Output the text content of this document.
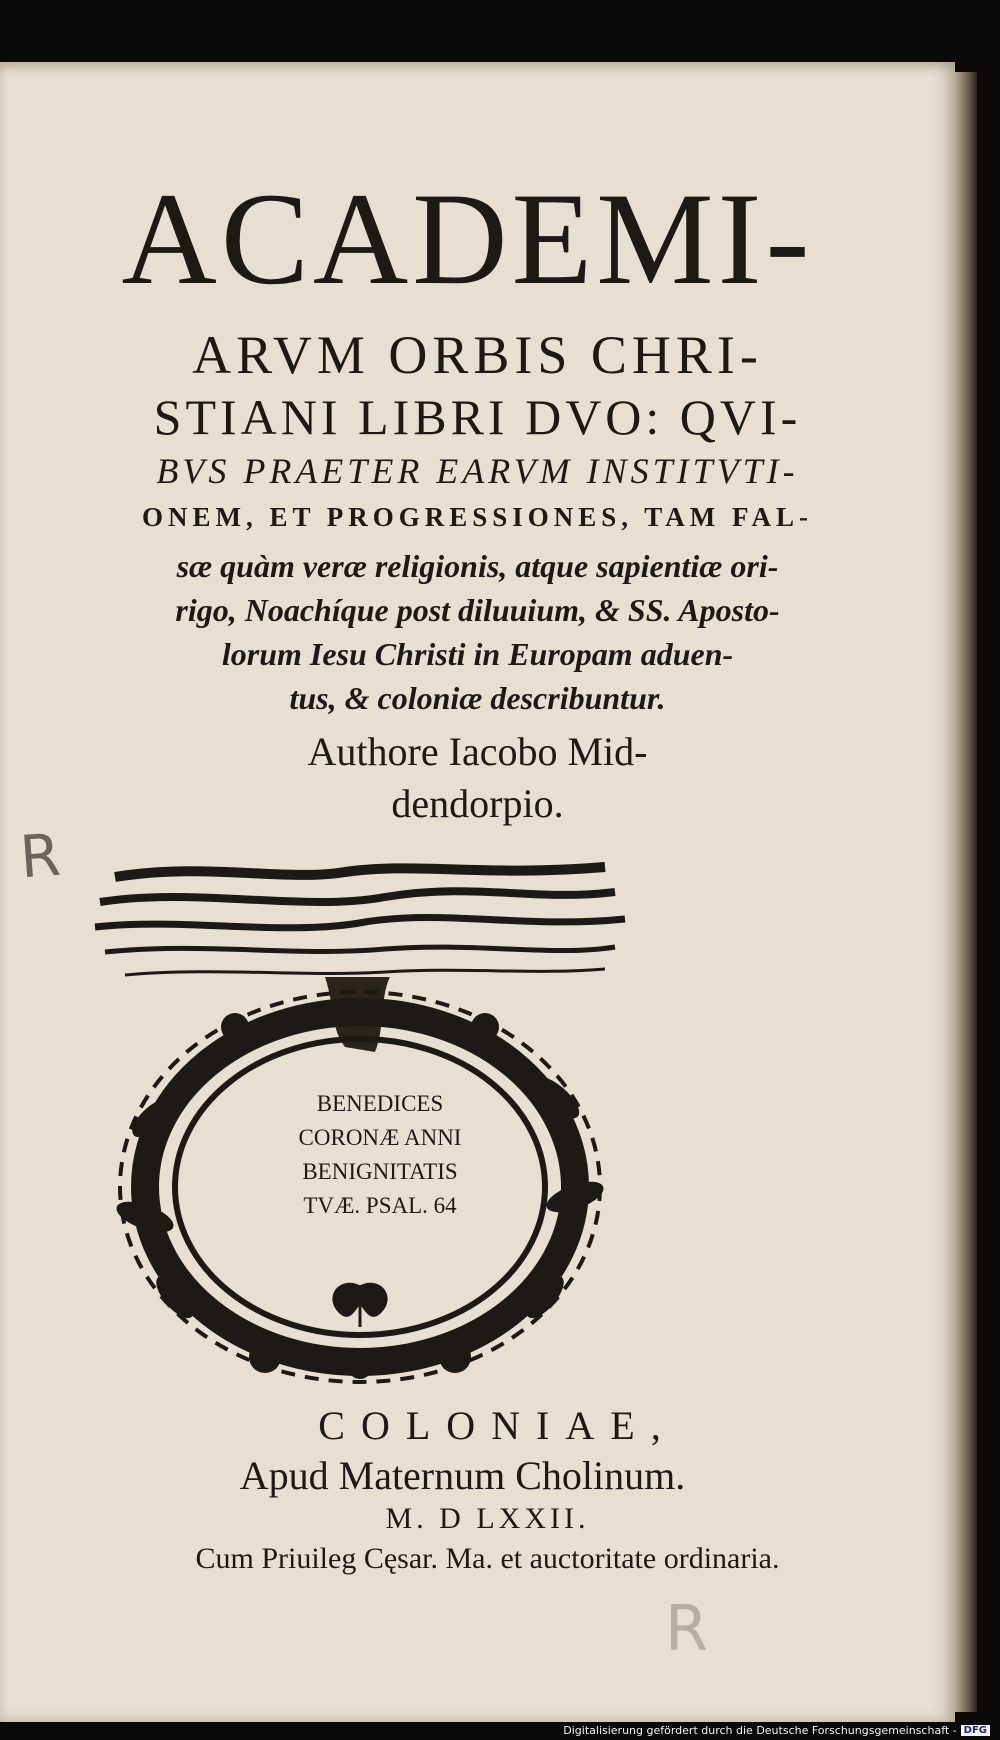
ACADEMI-
ARVM ORBIS CHRI-
STIANI LIBRI DVO: QVI-
BVS PRAETER EARVM INSTITVTI-
ONEM, ET PROGRESSIONES, TAM FAL-
sæ quàm veræ religionis, atque sapientiæ ori-
rigo, Noachíque post diluuium, & SS. Aposto-
lorum Iesu Christi in Europam aduen-
tus, & coloniæ describuntur.
Authore Iacobo Mid-
dendorpio.
R
BENEDICES
CORONÆ ANNI
BENIGNITATIS
TVÆ. PSAL. 64
COLONIAE,
Apud Maternum Cholinum.
M. D LXXII.
Cum Priuileg Cęsar. Ma. et auctoritate ordinaria.
R
Digitalisierung gefördert durch die Deutsche Forschungsgemeinschaft - DFG
